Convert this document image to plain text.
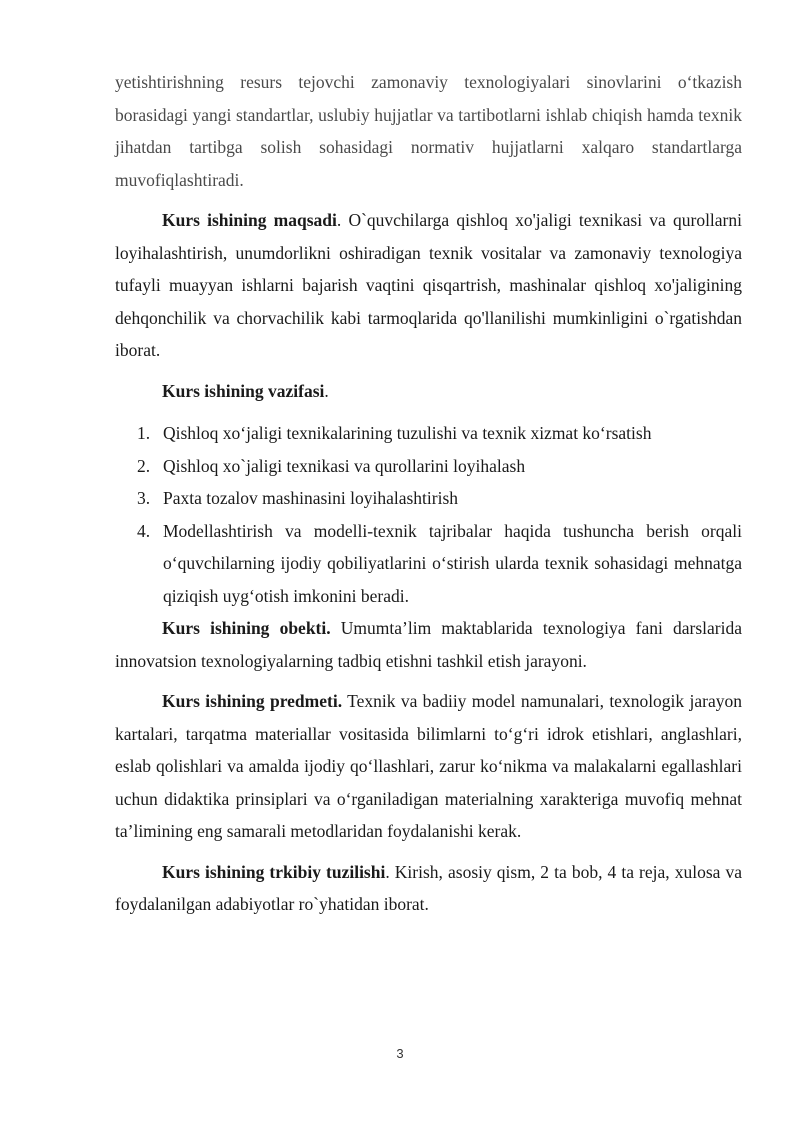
yetishtirishning resurs tejovchi zamonaviy texnologiyalari sinovlarini o‘tkazish borasidagi yangi standartlar, uslubiy hujjatlar va tartibotlarni ishlab chiqish hamda texnik jihatdan tartibga solish sohasidagi normativ hujjatlarni xalqaro standartlarga muvofiqlashtiradi.

Kurs ishining maqsadi. O`quvchilarga qishloq xo'jaligi texnikasi va qurollarni loyihalashtirish, unumdorlikni oshiradigan texnik vositalar va zamonaviy texnologiya tufayli muayyan ishlarni bajarish vaqtini qisqartrish, mashinalar qishloq xo'jaligining dehqonchilik va chorvachilik kabi tarmoqlarida qo'llanilishi mumkinligini o`rgatishdan iborat.

Kurs ishining vazifasi.

1. Qishloq xo‘jaligi texnikalarining tuzulishi va texnik xizmat ko‘rsatish
2. Qishloq xo`jaligi texnikasi va qurollarini loyihalash
3. Paxta tozalov mashinasini loyihalashtirish
4. Modellashtirish va modelli-texnik tajribalar haqida tushuncha berish orqali o‘quvchilarning ijodiy qobiliyatlarini o‘stirish ularda texnik sohasidagi mehnatga qiziqish uyg‘otish imkonini beradi.

Kurs ishining obekti. Umumta’lim maktablarida texnologiya fani darslarida innovatsion texnologiyalarning tadbiq etishni tashkil etish jarayoni.

Kurs ishining predmeti. Texnik va badiiy model namunalari, texnologik jarayon kartalari, tarqatma materiallar vositasida bilimlarni to‘g‘ri idrok etishlari, anglashlari, eslab qolishlari va amalda ijodiy qo‘llashlari, zarur ko‘nikma va malakalarni egallashlari uchun didaktika prinsiplari va o‘rganiladigan materialning xarakteriga muvofiq mehnat ta’limining eng samarali metodlaridan foydalanishi kerak.

Kurs ishining trkibiy tuzilishi. Kirish, asosiy qism, 2 ta bob, 4 ta reja, xulosa va foydalanilgan adabiyotlar ro`yhatidan iborat.

3
